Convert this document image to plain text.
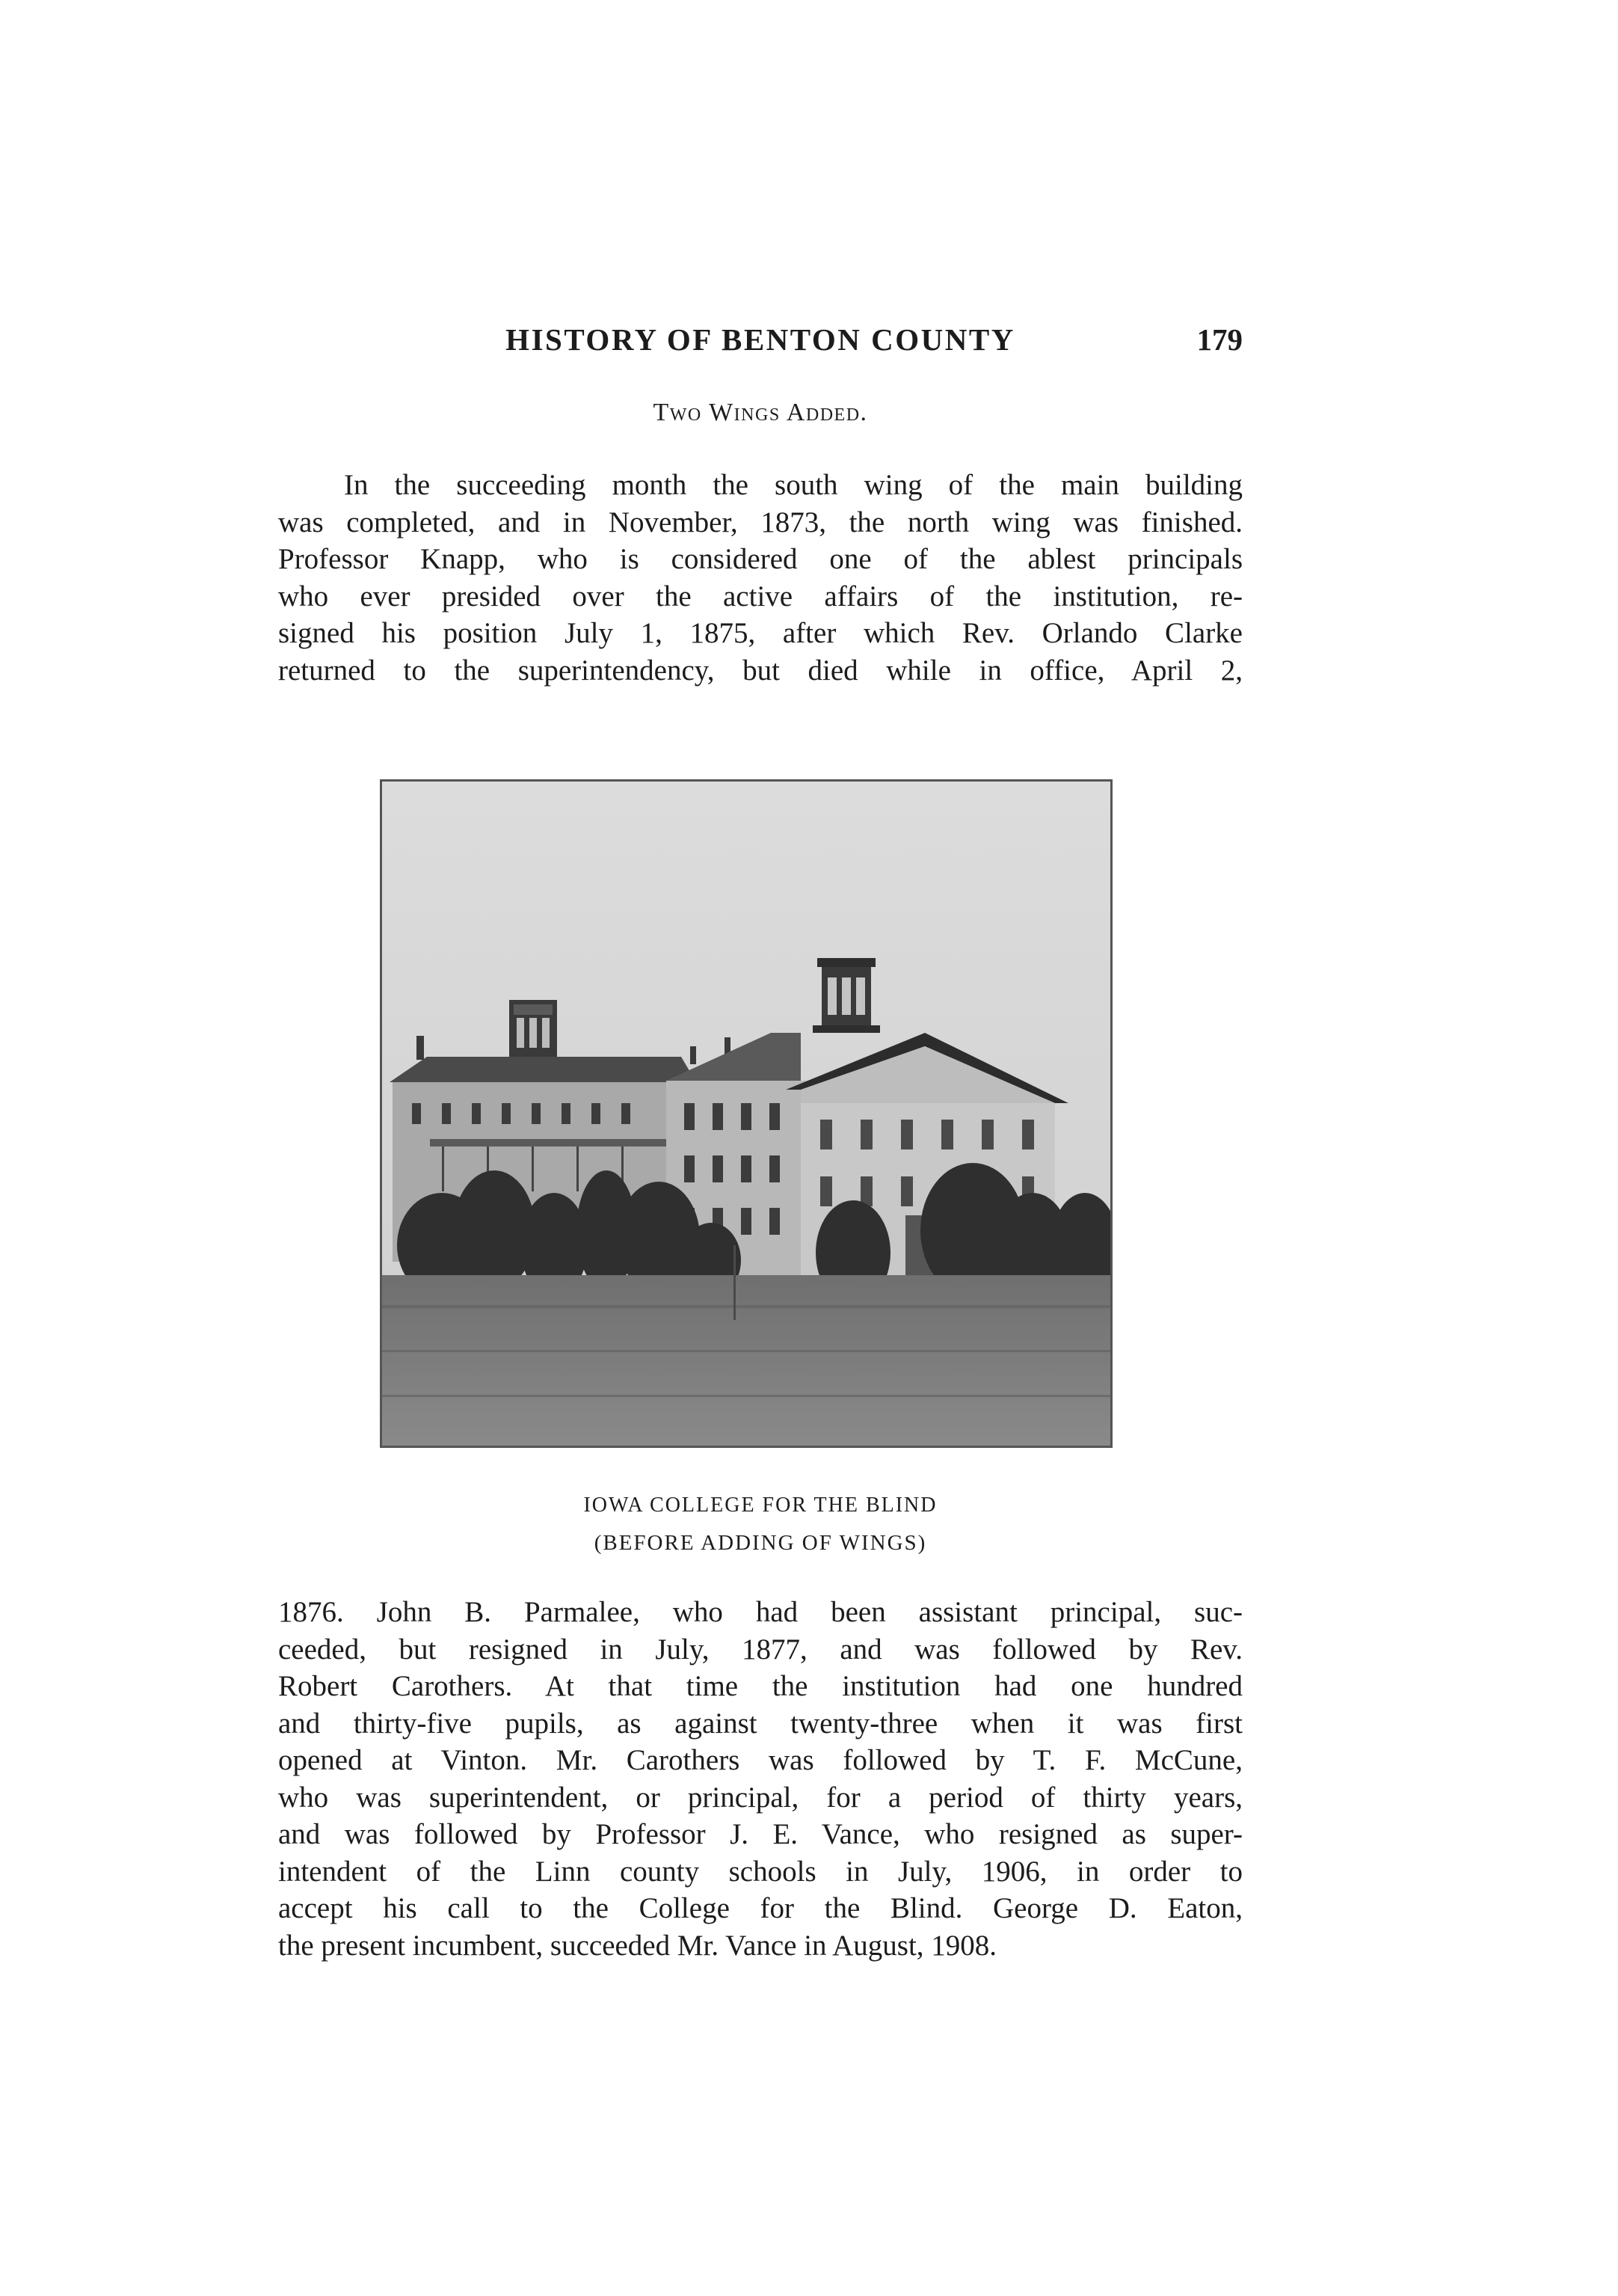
HISTORY OF BENTON COUNTY	179
Two Wings Added.
In the succeeding month the south wing of the main building
was completed, and in November, 1873, the north wing was finished.
Professor Knapp, who is considered one of the ablest principals
who ever presided over the active affairs of the institution, re-
signed his position July 1, 1875, after which Rev. Orlando Clarke
returned to the superintendency, but died while in office, April 2,
IOWA COLLEGE FOR THE BLIND
(BEFORE ADDING OF WINGS)
1876. John B. Parmalee, who had been assistant principal, suc-
ceeded, but resigned in July, 1877, and was followed by Rev.
Robert Carothers. At that time the institution had one hundred
and thirty-five pupils, as against twenty-three when it was first
opened at Vinton. Mr. Carothers was followed by T. F. McCune,
who was superintendent, or principal, for a period of thirty years,
and was followed by Professor J. E. Vance, who resigned as super-
intendent of the Linn county schools in July, 1906, in order to
accept his call to the College for the Blind. George D. Eaton,
the present incumbent, succeeded Mr. Vance in August, 1908.
